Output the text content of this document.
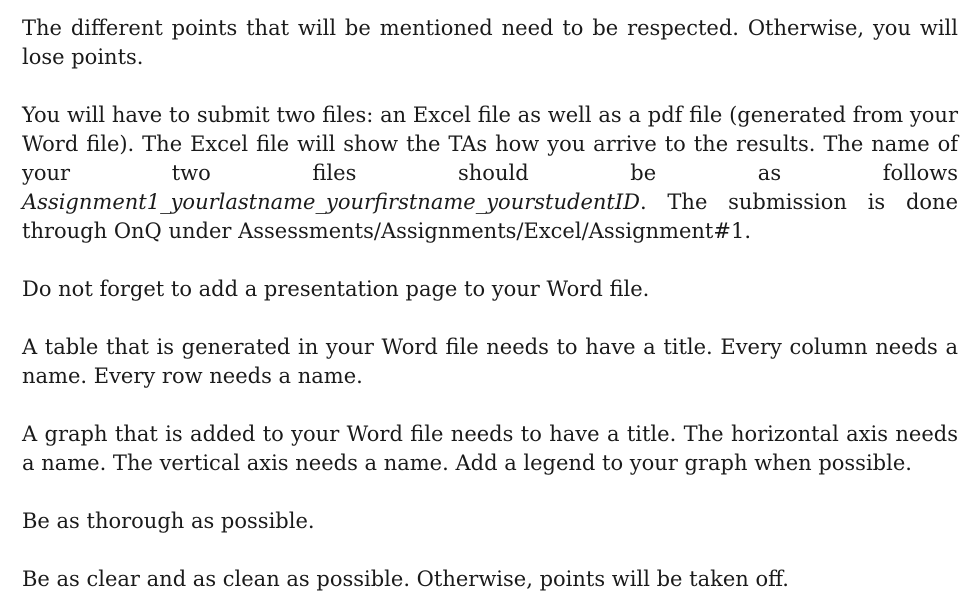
The different points that will be mentioned need to be respected. Otherwise, you will lose points.

You will have to submit two files: an Excel file as well as a pdf file (generated from your Word file). The Excel file will show the TAs how you arrive to the results. The name of your two files should be as follows Assignment1_yourlastname_yourfirstname_yourstudentID. The submission is done through OnQ under Assessments/Assignments/Excel/Assignment#1.

Do not forget to add a presentation page to your Word file.

A table that is generated in your Word file needs to have a title. Every column needs a name. Every row needs a name.

A graph that is added to your Word file needs to have a title. The horizontal axis needs a name. The vertical axis needs a name. Add a legend to your graph when possible.

Be as thorough as possible.

Be as clear and as clean as possible. Otherwise, points will be taken off.
